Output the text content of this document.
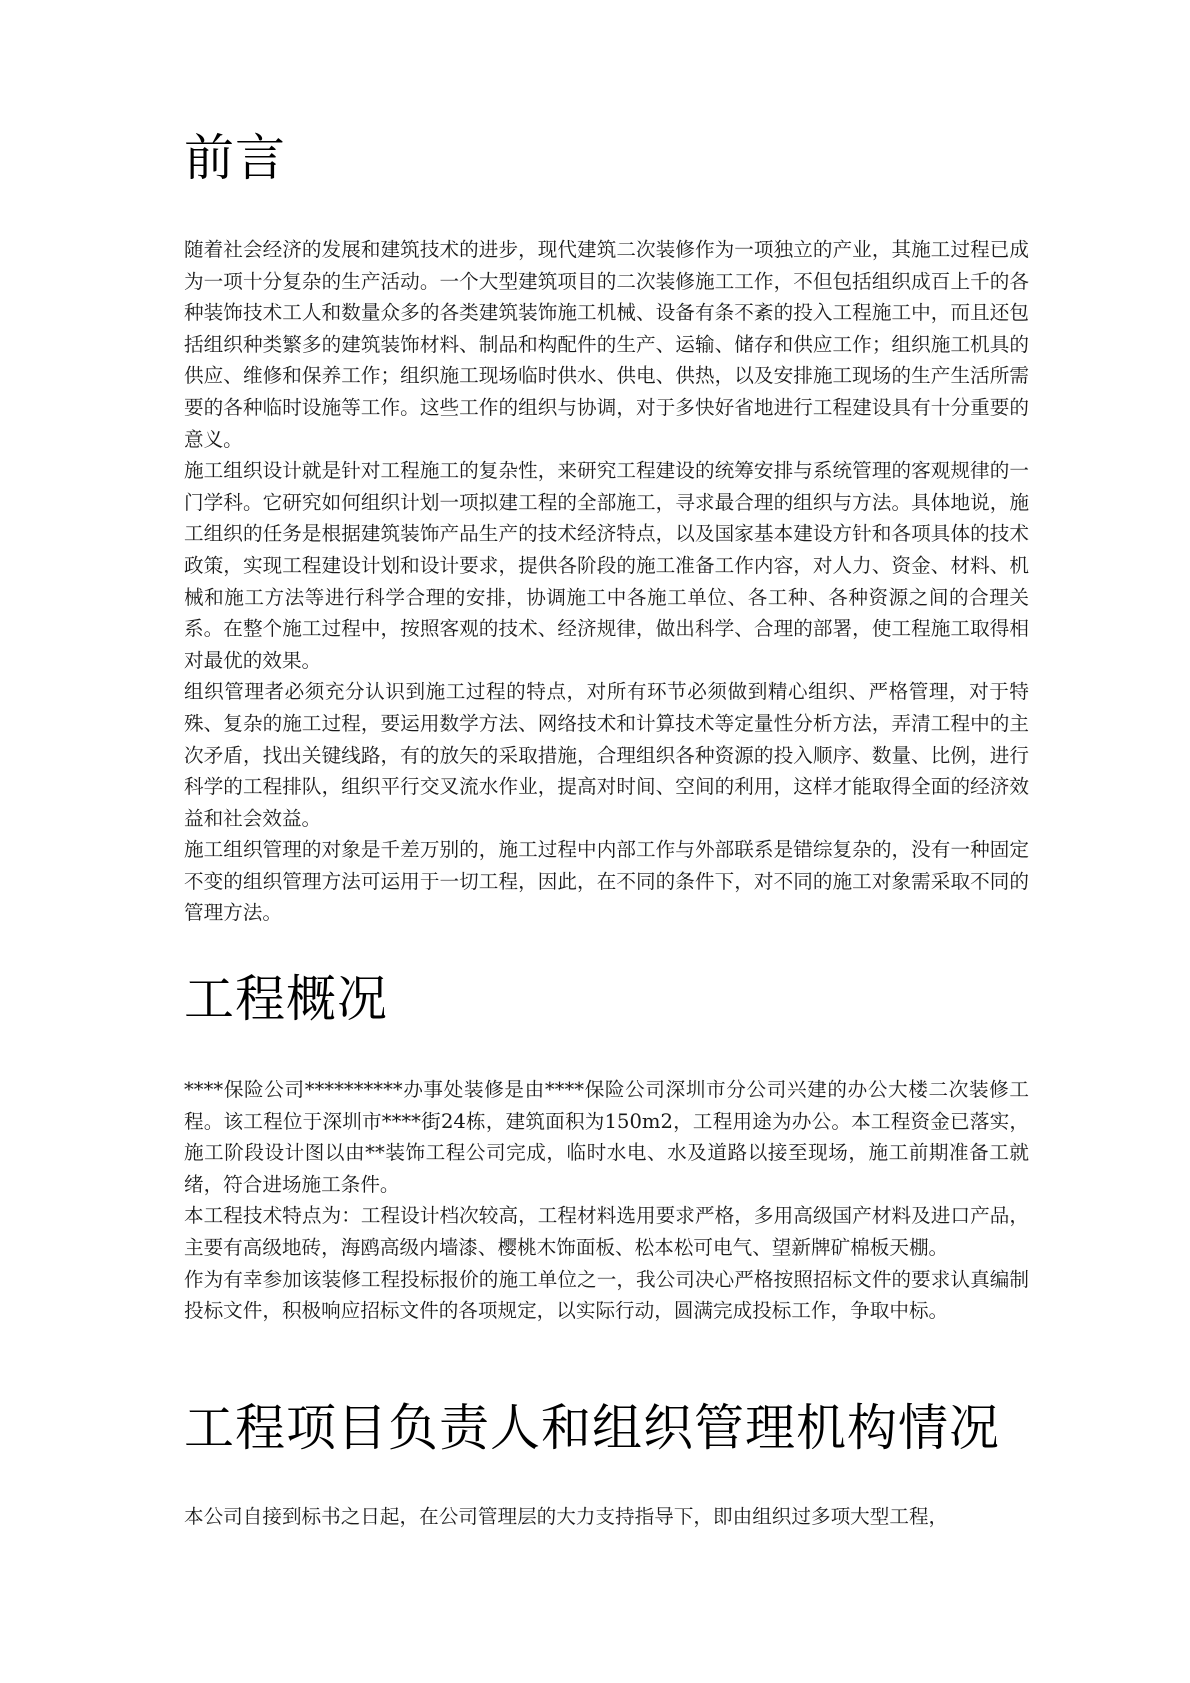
前言

随着社会经济的发展和建筑技术的进步，现代建筑二次装修作为一项独立的产业，其施工过程已成为一项十分复杂的生产活动。一个大型建筑项目的二次装修施工工作，不但包括组织成百上千的各种装饰技术工人和数量众多的各类建筑装饰施工机械、设备有条不紊的投入工程施工中，而且还包括组织种类繁多的建筑装饰材料、制品和构配件的生产、运输、储存和供应工作；组织施工机具的供应、维修和保养工作；组织施工现场临时供水、供电、供热，以及安排施工现场的生产生活所需要的各种临时设施等工作。这些工作的组织与协调，对于多快好省地进行工程建设具有十分重要的意义。

施工组织设计就是针对工程施工的复杂性，来研究工程建设的统筹安排与系统管理的客观规律的一门学科。它研究如何组织计划一项拟建工程的全部施工，寻求最合理的组织与方法。具体地说，施工组织的任务是根据建筑装饰产品生产的技术经济特点，以及国家基本建设方针和各项具体的技术政策，实现工程建设计划和设计要求，提供各阶段的施工准备工作内容，对人力、资金、材料、机械和施工方法等进行科学合理的安排，协调施工中各施工单位、各工种、各种资源之间的合理关系。在整个施工过程中，按照客观的技术、经济规律，做出科学、合理的部署，使工程施工取得相对最优的效果。

组织管理者必须充分认识到施工过程的特点，对所有环节必须做到精心组织、严格管理，对于特殊、复杂的施工过程，要运用数学方法、网络技术和计算技术等定量性分析方法，弄清工程中的主次矛盾，找出关键线路，有的放矢的采取措施，合理组织各种资源的投入顺序、数量、比例，进行科学的工程排队，组织平行交叉流水作业，提高对时间、空间的利用，这样才能取得全面的经济效益和社会效益。

施工组织管理的对象是千差万别的，施工过程中内部工作与外部联系是错综复杂的，没有一种固定不变的组织管理方法可运用于一切工程，因此，在不同的条件下，对不同的施工对象需采取不同的管理方法。

工程概况

****保险公司**********办事处装修是由****保险公司深圳市分公司兴建的办公大楼二次装修工程。该工程位于深圳市****街24栋，建筑面积为150m2，工程用途为办公。本工程资金已落实，施工阶段设计图以由**装饰工程公司完成，临时水电、水及道路以接至现场，施工前期准备工就绪，符合进场施工条件。

本工程技术特点为：工程设计档次较高，工程材料选用要求严格，多用高级国产材料及进口产品，主要有高级地砖，海鸥高级内墙漆、樱桃木饰面板、松本松可电气、望新牌矿棉板天棚。

作为有幸参加该装修工程投标报价的施工单位之一，我公司决心严格按照招标文件的要求认真编制投标文件，积极响应招标文件的各项规定，以实际行动，圆满完成投标工作，争取中标。

工程项目负责人和组织管理机构情况

本公司自接到标书之日起，在公司管理层的大力支持指导下，即由组织过多项大型工程，
